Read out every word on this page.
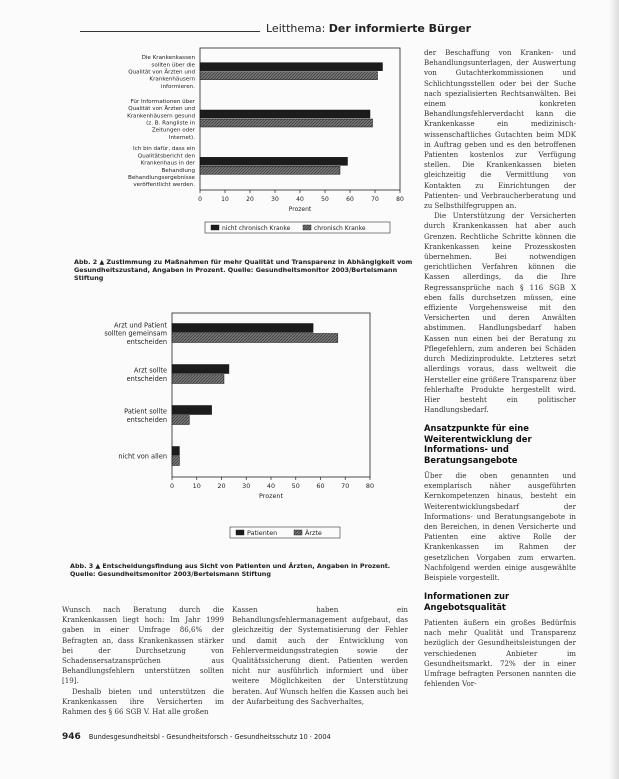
Leitthema: Der informierte Bürger
Die Krankenkassen sollten über die Qualität von Ärzten und Krankenhäusern informieren.
Für Informationen über Qualität von Ärzten und Krankenhäusern gesund (z. B. Rangliste in Zeitungen oder Internet).
Ich bin dafür, dass ein Qualitätsbericht den Krankenhaus in der Behandlung Behandlungsergebnisse veröffentlicht werden.
0	10	20	30	40	50	60	70	80
Prozent
nicht chronisch Kranke	chronisch Kranke
Abb. 2 ▲ Zustimmung zu Maßnahmen für mehr Qualität und Transparenz in Abhängigkeit vom Gesundheitszustand, Angaben in Prozent. Quelle: Gesundheitsmonitor 2003/Bertelsmann Stiftung
Arzt und Patient sollten gemeinsam entscheiden
Arzt sollte entscheiden
Patient sollte entscheiden
nicht von allen
0	10	20	30	40	50	60	70	80
Prozent
Patienten	Ärzte
Abb. 3 ▲ Entscheidungsfindung aus Sicht von Patienten und Ärzten, Angaben in Prozent. Quelle: Gesundheitsmonitor 2003/Bertelsmann Stiftung

der Beschaffung von Kranken- und Behandlungsunterlagen, der Auswertung von Gutachterkommissionen und Schlichtungsstellen oder bei der Suche nach spezialisierten Rechtsanwälten. Bei einem konkreten Behandlungsfehlerverdacht kann die Krankenkasse ein medizinisch-wissenschaftliches Gutachten beim MDK in Auftrag geben und es den betroffenen Patienten kostenlos zur Verfügung stellen. Die Krankenkassen bieten gleichzeitig die Vermittlung von Kontakten zu Einrichtungen der Patienten- und Verbraucherberatung und zu Selbsthilfegruppen an.

Die Unterstützung der Versicherten durch Krankenkassen hat aber auch Grenzen. Rechtliche Schritte können die Krankenkassen keine Prozesskosten übernehmen. Bei notwendigen gerichtlichen Verfahren können die Kassen allerdings, da die Ihre Regressansprüche nach § 116 SGB X eben falls durchsetzen müssen, eine effiziente Vorgehensweise mit den Versicherten und deren Anwälten abstimmen. Handlungsbedarf haben Kassen nun einen bei der Beratung zu Pflegefehlern, zum anderen bei Schäden durch Medizinprodukte. Letzteres setzt allerdings voraus, dass weltweit die Hersteller eine größere Transparenz über fehlerhafte Produkte hergestellt wird. Hier besteht ein politischer Handlungsbedarf.

Ansatzpunkte für eine Weiterentwicklung der Informations- und Beratungsangebote

Über die oben genannten und exemplarisch näher ausgeführten Kernkompetenzen hinaus, besteht ein Weiterentwicklungsbedarf der Informations- und Beratungsangebote in den Bereichen, in denen Versicherte und Patienten eine aktive Rolle der Krankenkassen im Rahmen der gesetzlichen Vorgaben zum erwarten. Nachfolgend werden einige ausgewählte Beispiele vorgestellt.

Informationen zur Angebotsqualität

Patienten äußern ein großes Bedürfnis nach mehr Qualität und Transparenz bezüglich der Gesundheitsleistungen der verschiedenen Anbieter im Gesundheitsmarkt. 72% der in einer Umfrage befragten Personen nannten die fehlenden Vor-

Wunsch nach Beratung durch die Krankenkassen liegt hoch: Im Jahr 1999 gaben in einer Umfrage 86,6% der Befragten an, dass Krankenkassen stärker bei der Durchsetzung von Schadensersatzansprüchen aus Behandlungsfehlern unterstützen sollten [19].

Deshalb bieten und unterstützen die Krankenkassen ihre Versicherten im Rahmen des § 66 SGB V. Hat alle großen

Kassen haben ein Behandlungsfehlermanagement aufgebaut, das gleichzeitig der Systematisierung der Fehler und damit auch der Entwicklung von Fehlervermeidungsstrategien sowie der Qualitätssicherung dient. Patienten werden nicht nur ausführlich informiert und über weitere Möglichkeiten der Unterstützung beraten. Auf Wunsch helfen die Kassen auch bei der Aufarbeitung des Sachverhaltes,

946 Bundesgesundheitsbl - Gesundheitsforsch - Gesundheitsschutz 10 · 2004
